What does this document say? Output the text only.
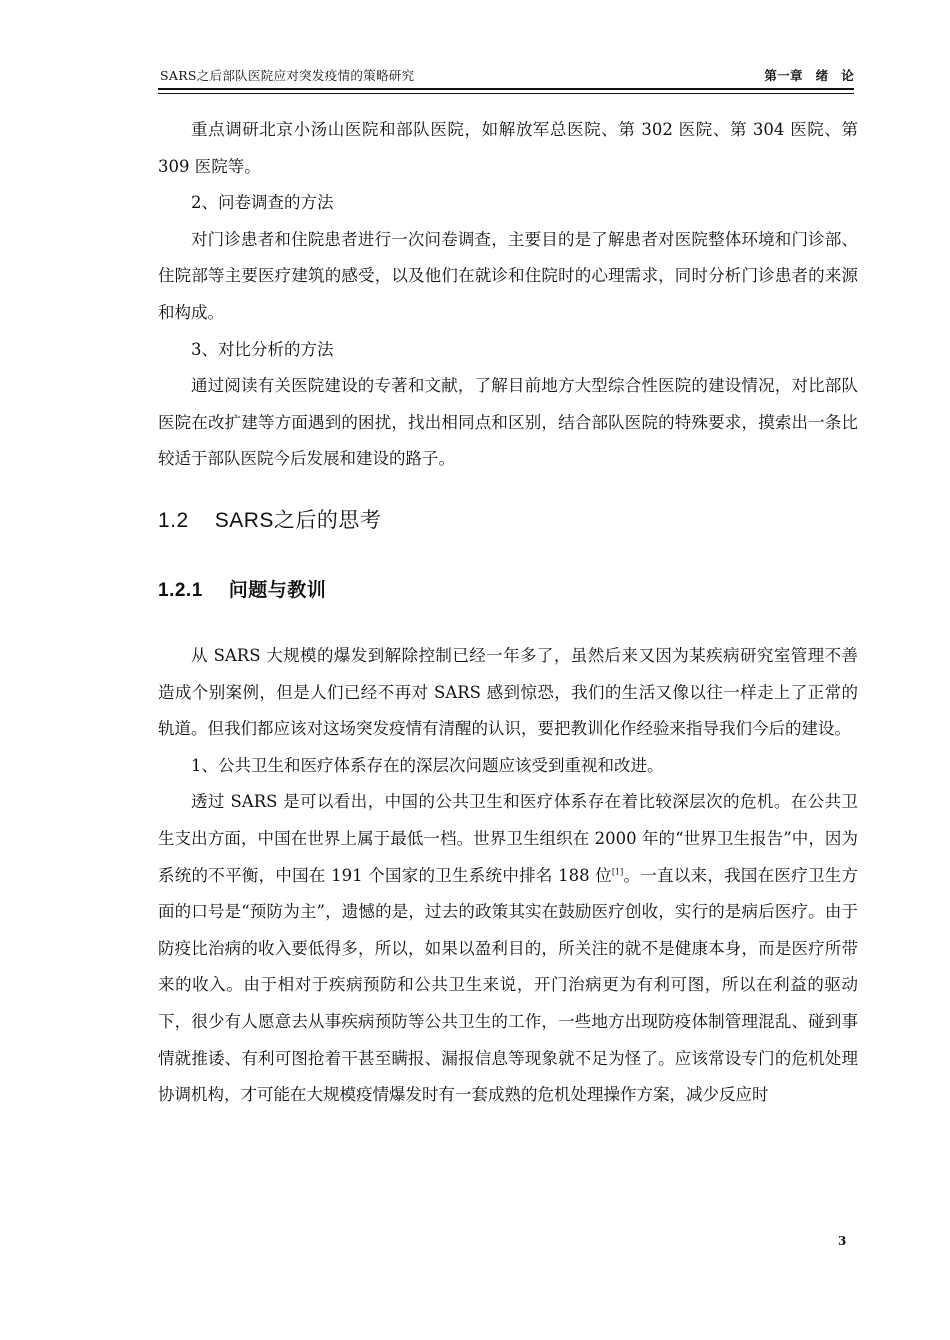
SARS之后部队医院应对突发疫情的策略研究	第一章　绪　论

重点调研北京小汤山医院和部队医院，如解放军总医院、第 302 医院、第 304 医院、第 309 医院等。

2、问卷调查的方法

对门诊患者和住院患者进行一次问卷调查，主要目的是了解患者对医院整体环境和门诊部、住院部等主要医疗建筑的感受，以及他们在就诊和住院时的心理需求，同时分析门诊患者的来源和构成。

3、对比分析的方法

通过阅读有关医院建设的专著和文献，了解目前地方大型综合性医院的建设情况，对比部队医院在改扩建等方面遇到的困扰，找出相同点和区别，结合部队医院的特殊要求，摸索出一条比较适于部队医院今后发展和建设的路子。

1.2 SARS之后的思考
1.2.1 问题与教训

从 SARS 大规模的爆发到解除控制已经一年多了，虽然后来又因为某疾病研究室管理不善造成个别案例，但是人们已经不再对 SARS 感到惊恐，我们的生活又像以往一样走上了正常的轨道。但我们都应该对这场突发疫情有清醒的认识，要把教训化作经验来指导我们今后的建设。

1、公共卫生和医疗体系存在的深层次问题应该受到重视和改进。

透过 SARS 是可以看出，中国的公共卫生和医疗体系存在着比较深层次的危机。在公共卫生支出方面，中国在世界上属于最低一档。世界卫生组织在 2000 年的“世界卫生报告”中，因为系统的不平衡，中国在 191 个国家的卫生系统中排名 188 位[1]。一直以来，我国在医疗卫生方面的口号是“预防为主”，遗憾的是，过去的政策其实在鼓励医疗创收，实行的是病后医疗。由于防疫比治病的收入要低得多，所以，如果以盈利目的，所关注的就不是健康本身，而是医疗所带来的收入。由于相对于疾病预防和公共卫生来说，开门治病更为有利可图，所以在利益的驱动下，很少有人愿意去从事疾病预防等公共卫生的工作，一些地方出现防疫体制管理混乱、碰到事情就推诿、有利可图抢着干甚至瞒报、漏报信息等现象就不足为怪了。应该常设专门的危机处理协调机构，才可能在大规模疫情爆发时有一套成熟的危机处理操作方案，减少反应时

3
